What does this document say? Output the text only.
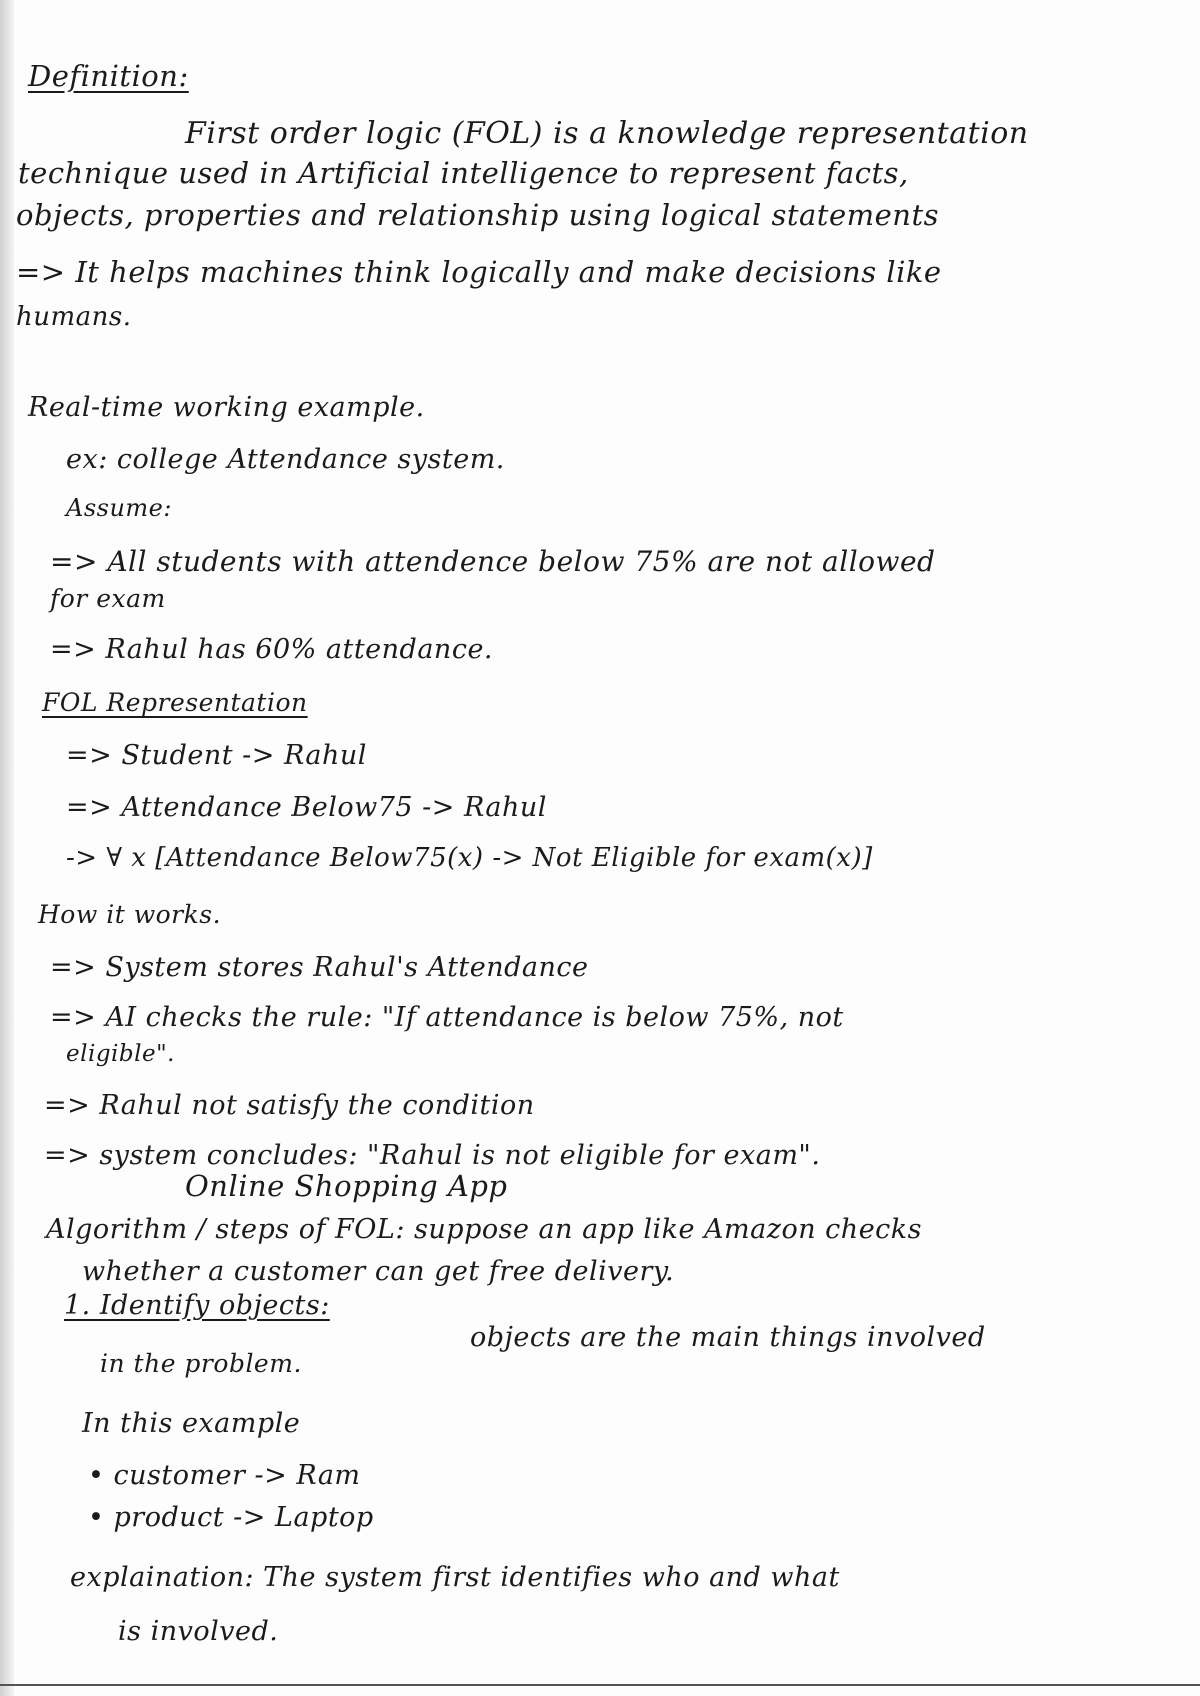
Definition:
First order logic (FOL) is a knowledge representation
technique used in Artificial intelligence to represent facts,
objects, properties and relationship using logical statements
=> It helps machines think logically and make decisions like
humans.
Real-time working example.
ex: college Attendance system.
Assume:
=> All students with attendence below 75% are not allowed
for exam
=> Rahul has 60% attendance.
FOL Representation
=> Student -> Rahul
=> Attendance Below75 -> Rahul
-> ∀ x [Attendance Below75(x) -> Not Eligible for exam(x)]
How it works.
=> System stores Rahul's Attendance
=> AI checks the rule: "If attendance is below 75%, not
eligible".
=> Rahul not satisfy the condition
=> system concludes: "Rahul is not eligible for exam".
Online Shopping App
Algorithm / steps of FOL: suppose an app like Amazon checks
whether a customer can get free delivery.
1. Identify objects:
objects are the main things involved
in the problem.
In this example
• customer -> Ram
• product -> Laptop
explaination: The system first identifies who and what
is involved.
